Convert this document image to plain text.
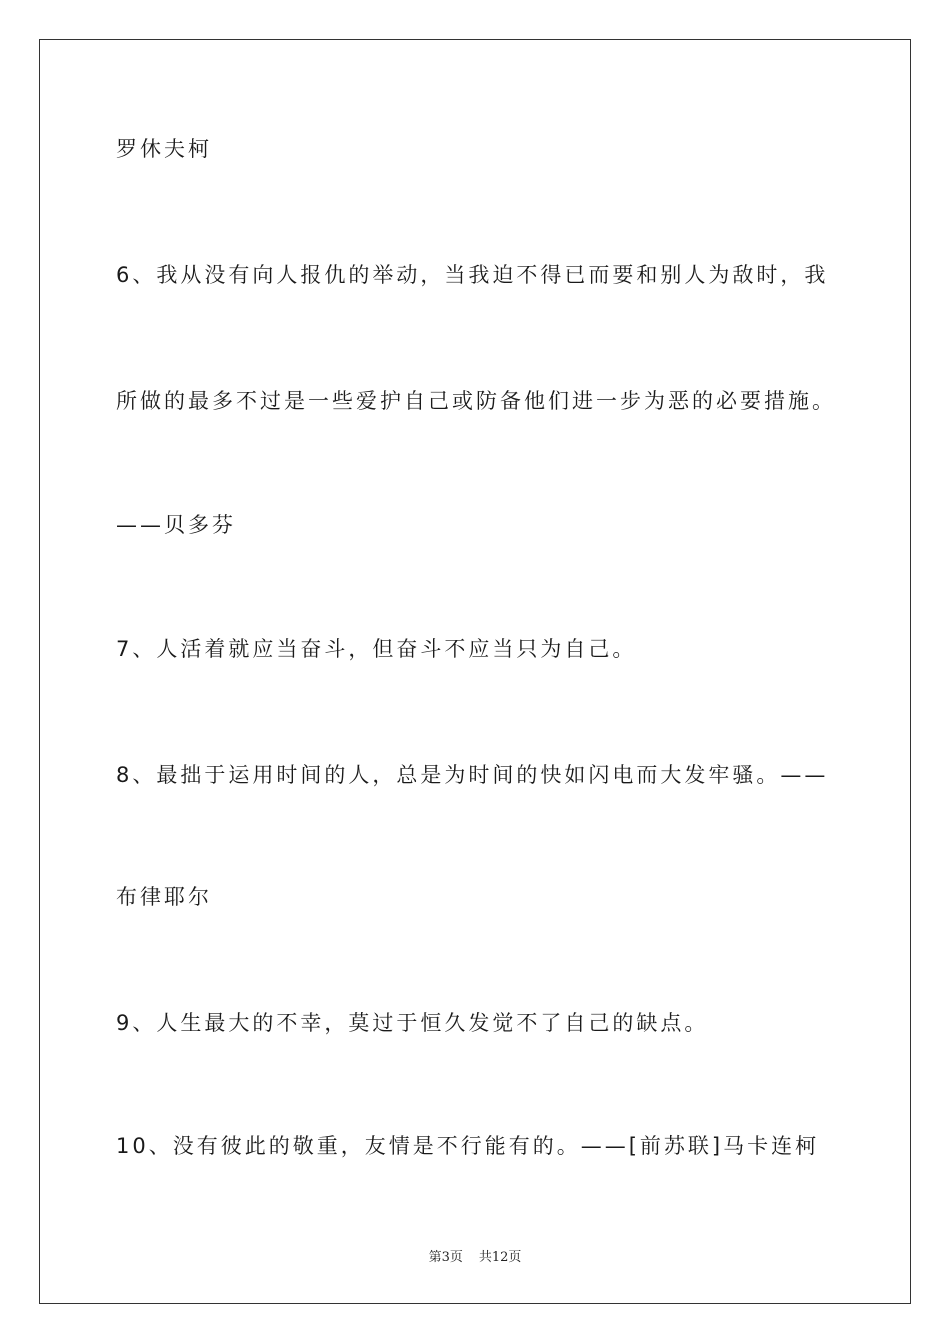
罗休夫柯
6、我从没有向人报仇的举动，当我迫不得已而要和别人为敌时，我
所做的最多不过是一些爱护自己或防备他们进一步为恶的必要措施。
——贝多芬
7、人活着就应当奋斗，但奋斗不应当只为自己。
8、最拙于运用时间的人，总是为时间的快如闪电而大发牢骚。——
布律耶尔
9、人生最大的不幸，莫过于恒久发觉不了自己的缺点。
10、没有彼此的敬重，友情是不行能有的。——[前苏联]马卡连柯
第3页 共12页
